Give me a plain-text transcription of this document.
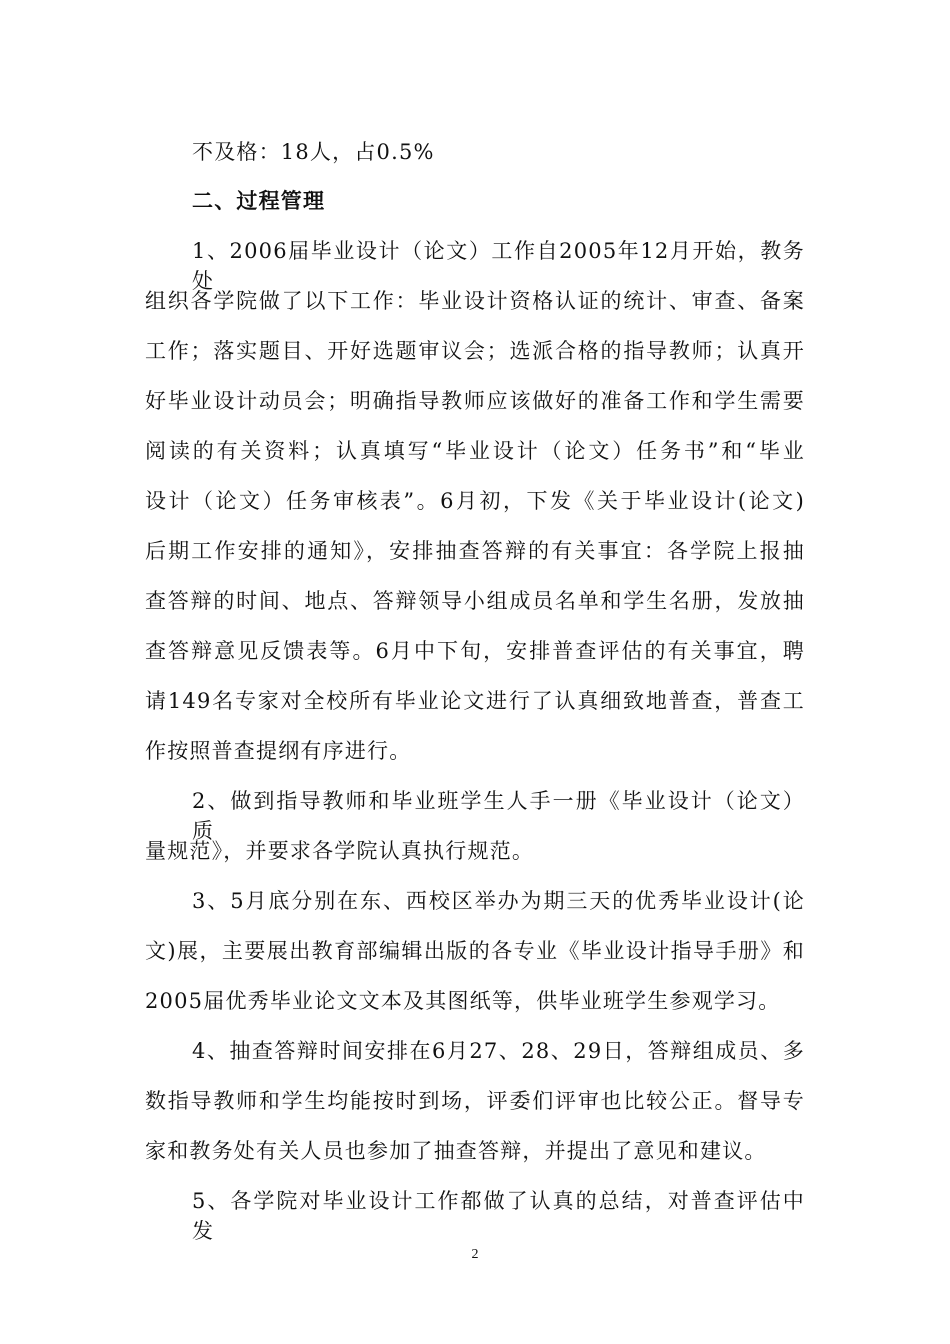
不及格：18人，占0.5%
二、过程管理
1、2006届毕业设计（论文）工作自2005年12月开始，教务处
组织各学院做了以下工作：毕业设计资格认证的统计、审查、备案
工作；落实题目、开好选题审议会；选派合格的指导教师；认真开
好毕业设计动员会；明确指导教师应该做好的准备工作和学生需要
阅读的有关资料；认真填写“毕业设计（论文）任务书”和“毕业
设计（论文）任务审核表”。6月初，下发《关于毕业设计(论文)
后期工作安排的通知》，安排抽查答辩的有关事宜：各学院上报抽
查答辩的时间、地点、答辩领导小组成员名单和学生名册，发放抽
查答辩意见反馈表等。6月中下旬，安排普查评估的有关事宜，聘
请149名专家对全校所有毕业论文进行了认真细致地普查，普查工
作按照普查提纲有序进行。
2、做到指导教师和毕业班学生人手一册《毕业设计（论文）质
量规范》，并要求各学院认真执行规范。
3、5月底分别在东、西校区举办为期三天的优秀毕业设计(论
文)展，主要展出教育部编辑出版的各专业《毕业设计指导手册》和
2005届优秀毕业论文文本及其图纸等，供毕业班学生参观学习。
4、抽查答辩时间安排在6月27、28、29日，答辩组成员、多
数指导教师和学生均能按时到场，评委们评审也比较公正。督导专
家和教务处有关人员也参加了抽查答辩，并提出了意见和建议。
5、各学院对毕业设计工作都做了认真的总结，对普查评估中发
2
